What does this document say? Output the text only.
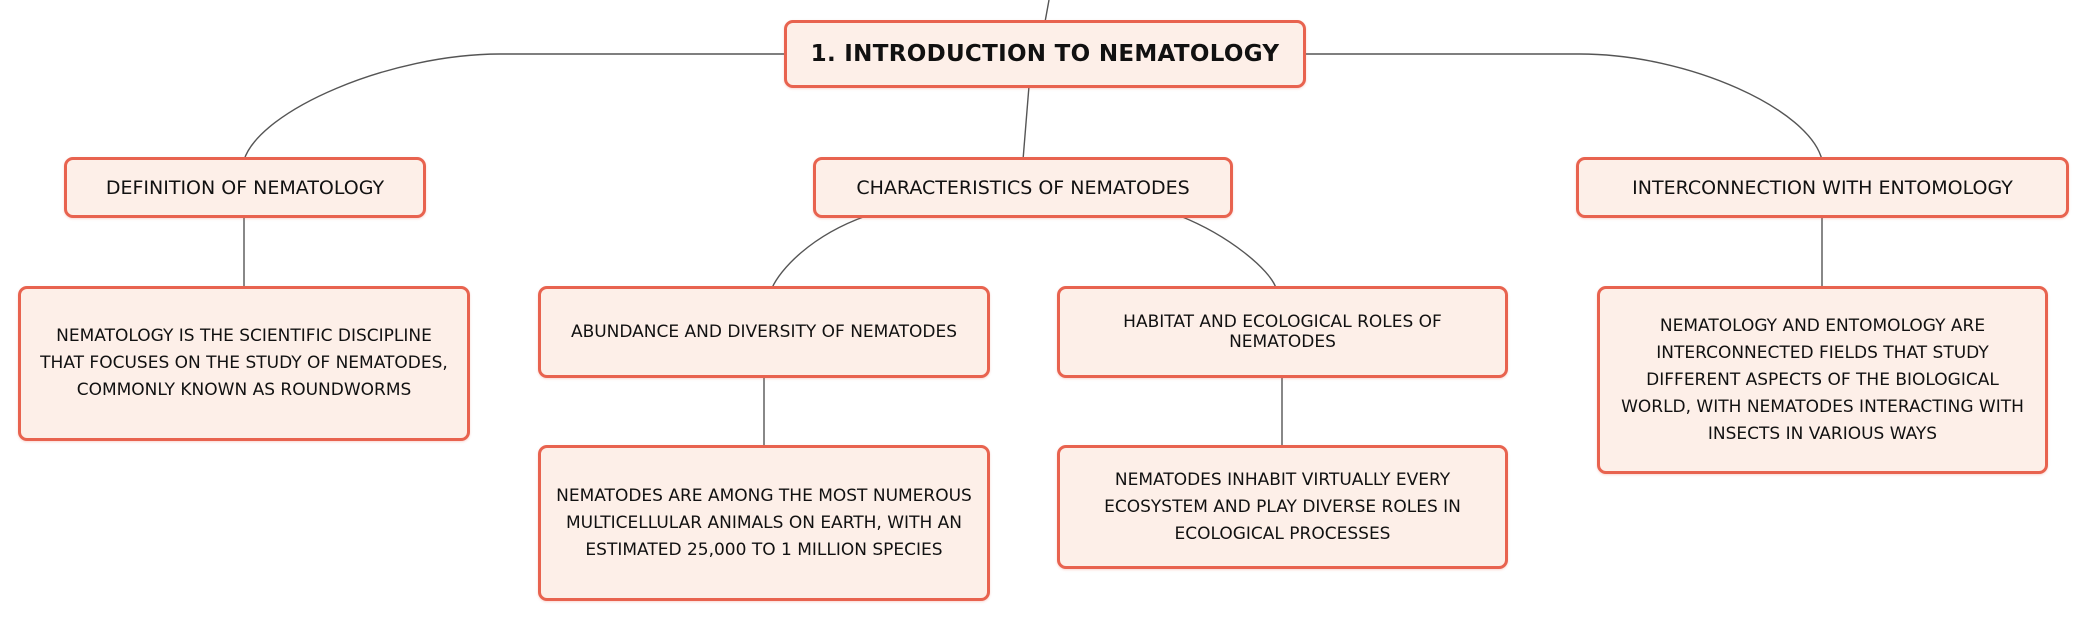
1. INTRODUCTION TO NEMATOLOGY
DEFINITION OF NEMATOLOGY	CHARACTERISTICS OF NEMATODES	INTERCONNECTION WITH ENTOMOLOGY
NEMATOLOGY IS THE SCIENTIFIC DISCIPLINE THAT FOCUSES ON THE STUDY OF NEMATODES, COMMONLY KNOWN AS ROUNDWORMS
ABUNDANCE AND DIVERSITY OF NEMATODES	HABITAT AND ECOLOGICAL ROLES OF NEMATODES
NEMATOLOGY AND ENTOMOLOGY ARE INTERCONNECTED FIELDS THAT STUDY DIFFERENT ASPECTS OF THE BIOLOGICAL WORLD, WITH NEMATODES INTERACTING WITH INSECTS IN VARIOUS WAYS
NEMATODES ARE AMONG THE MOST NUMEROUS MULTICELLULAR ANIMALS ON EARTH, WITH AN ESTIMATED 25,000 TO 1 MILLION SPECIES
NEMATODES INHABIT VIRTUALLY EVERY ECOSYSTEM AND PLAY DIVERSE ROLES IN ECOLOGICAL PROCESSES
